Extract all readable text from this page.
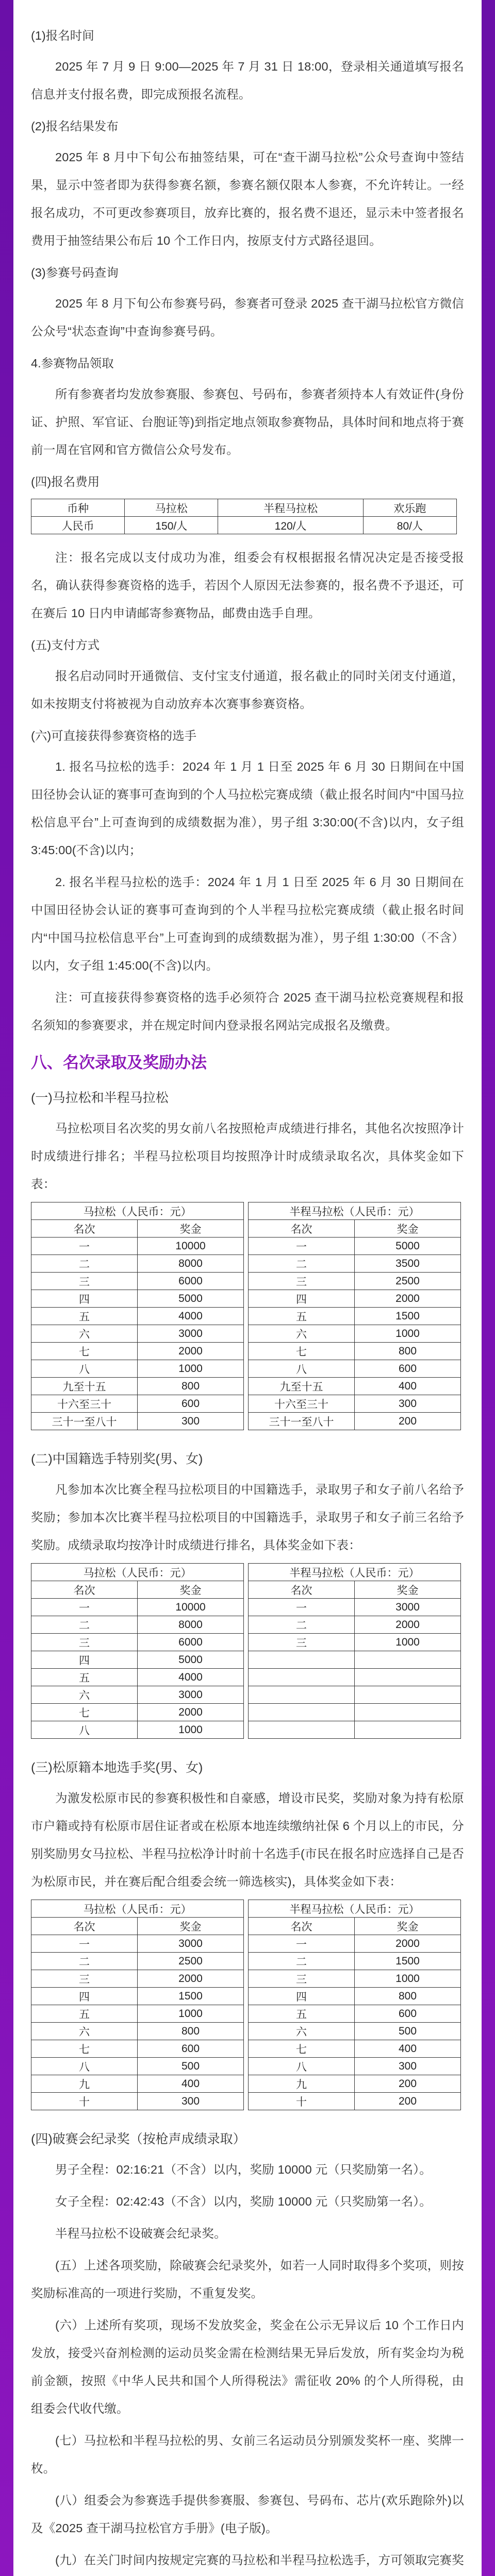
(1)报名时间

2025 年 7 月 9 日 9:00—2025 年 7 月 31 日 18:00，登录相关通道填写报名信息并支付报名费，即完成预报名流程。

(2)报名结果发布

2025 年 8 月中下旬公布抽签结果，可在“查干湖马拉松”公众号查询中签结果，显示中签者即为获得参赛名额，参赛名额仅限本人参赛，不允许转让。一经报名成功，不可更改参赛项目，放弃比赛的，报名费不退还，显示未中签者报名费用于抽签结果公布后 10 个工作日内，按原支付方式路径退回。

(3)参赛号码查询

2025 年 8 月下旬公布参赛号码，参赛者可登录 2025 查干湖马拉松官方微信公众号“状态查询”中查询参赛号码。

4.参赛物品领取

所有参赛者均发放参赛服、参赛包、号码布，参赛者须持本人有效证件(身份证、护照、军官证、台胞证等)到指定地点领取参赛物品，具体时间和地点将于赛前一周在官网和官方微信公众号发布。

(四)报名费用
币种	马拉松	半程马拉松	欢乐跑
人民币	150/人	120/人	80/人

注：报名完成以支付成功为准，组委会有权根据报名情况决定是否接受报名，确认获得参赛资格的选手，若因个人原因无法参赛的，报名费不予退还，可在赛后 10 日内申请邮寄参赛物品，邮费由选手自理。

(五)支付方式

报名启动同时开通微信、支付宝支付通道，报名截止的同时关闭支付通道，如未按期支付将被视为自动放弃本次赛事参赛资格。

(六)可直接获得参赛资格的选手

1. 报名马拉松的选手：2024 年 1 月 1 日至 2025 年 6 月 30 日期间在中国田径协会认证的赛事可查询到的个人马拉松完赛成绩（截止报名时间内“中国马拉松信息平台”上可查询到的成绩数据为准），男子组 3:30:00(不含)以内，女子组 3:45:00(不含)以内；

2. 报名半程马拉松的选手：2024 年 1 月 1 日至 2025 年 6 月 30 日期间在中国田径协会认证的赛事可查询到的个人半程马拉松完赛成绩（截止报名时间内“中国马拉松信息平台”上可查询到的成绩数据为准），男子组 1:30:00（不含）以内，女子组 1:45:00(不含)以内。

注：可直接获得参赛资格的选手必须符合 2025 查干湖马拉松竞赛规程和报名须知的参赛要求，并在规定时间内登录报名网站完成报名及缴费。

八、名次录取及奖励办法
(一)马拉松和半程马拉松

马拉松项目名次奖的男女前八名按照枪声成绩进行排名，其他名次按照净计时成绩进行排名；半程马拉松项目均按照净计时成绩录取名次，具体奖金如下表：

马拉松（人民币：元）	
名次	奖金
一	10000
二	8000
三	6000
四	5000
五	4000
六	3000
七	2000
八	1000
九至十五	800
十六至三十	600
三十一至八十	300
半程马拉松（人民币：元）	
名次	奖金
一	5000
二	3500
三	2500
四	2000
五	1500
六	1000
七	800
八	600
九至十五	400
十六至三十	300
三十一至八十	200
(二)中国籍选手特别奖(男、女)

凡参加本次比赛全程马拉松项目的中国籍选手，录取男子和女子前八名给予奖励；参加本次比赛半程马拉松项目的中国籍选手，录取男子和女子前三名给予奖励。成绩录取均按净计时成绩进行排名，具体奖金如下表：

马拉松（人民币：元）	
名次	奖金
一	10000
二	8000
三	6000
四	5000
五	4000
六	3000
七	2000
八	1000
半程马拉松（人民币：元）	
名次	奖金
一	3000
二	2000
三	1000

(三)松原籍本地选手奖(男、女)

为激发松原市民的参赛积极性和自豪感，增设市民奖，奖励对象为持有松原市户籍或持有松原市居住证者或在松原本地连续缴纳社保 6 个月以上的市民，分别奖励男女马拉松、半程马拉松净计时前十名选手(市民在报名时应选择自己是否为松原市民，并在赛后配合组委会统一筛选核实)，具体奖金如下表：

马拉松（人民币：元）	
名次	奖金
一	3000
二	2500
三	2000
四	1500
五	1000
六	800
七	600
八	500
九	400
十	300
半程马拉松（人民币：元）	
名次	奖金
一	2000
二	1500
三	1000
四	800
五	600
六	500
七	400
八	300
九	200
十	200
(四)破赛会纪录奖（按枪声成绩录取）

男子全程：02:16:21（不含）以内，奖励 10000 元（只奖励第一名）。

女子全程：02:42:43（不含）以内，奖励 10000 元（只奖励第一名）。

半程马拉松不设破赛会纪录奖。

(五）上述各项奖励，除破赛会纪录奖外，如若一人同时取得多个奖项，则按奖励标准高的一项进行奖励，不重复发奖。

(六）上述所有奖项，现场不发放奖金，奖金在公示无异议后 10 个工作日内发放，接受兴奋剂检测的运动员奖金需在检测结果无异后发放，所有奖金均为税前金额，按照《中华人民共和国个人所得税法》需征收 20% 的个人所得税，由组委会代收代缴。

(七）马拉松和半程马拉松的男、女前三名运动员分别颁发奖杯一座、奖牌一枚。

(八）组委会为参赛选手提供参赛服、参赛包、号码布、芯片(欢乐跑除外)以及《2025 查干湖马拉松官方手册》(电子版)。

(九）在关门时间内按规定完赛的马拉松和半程马拉松选手，方可领取完赛奖
